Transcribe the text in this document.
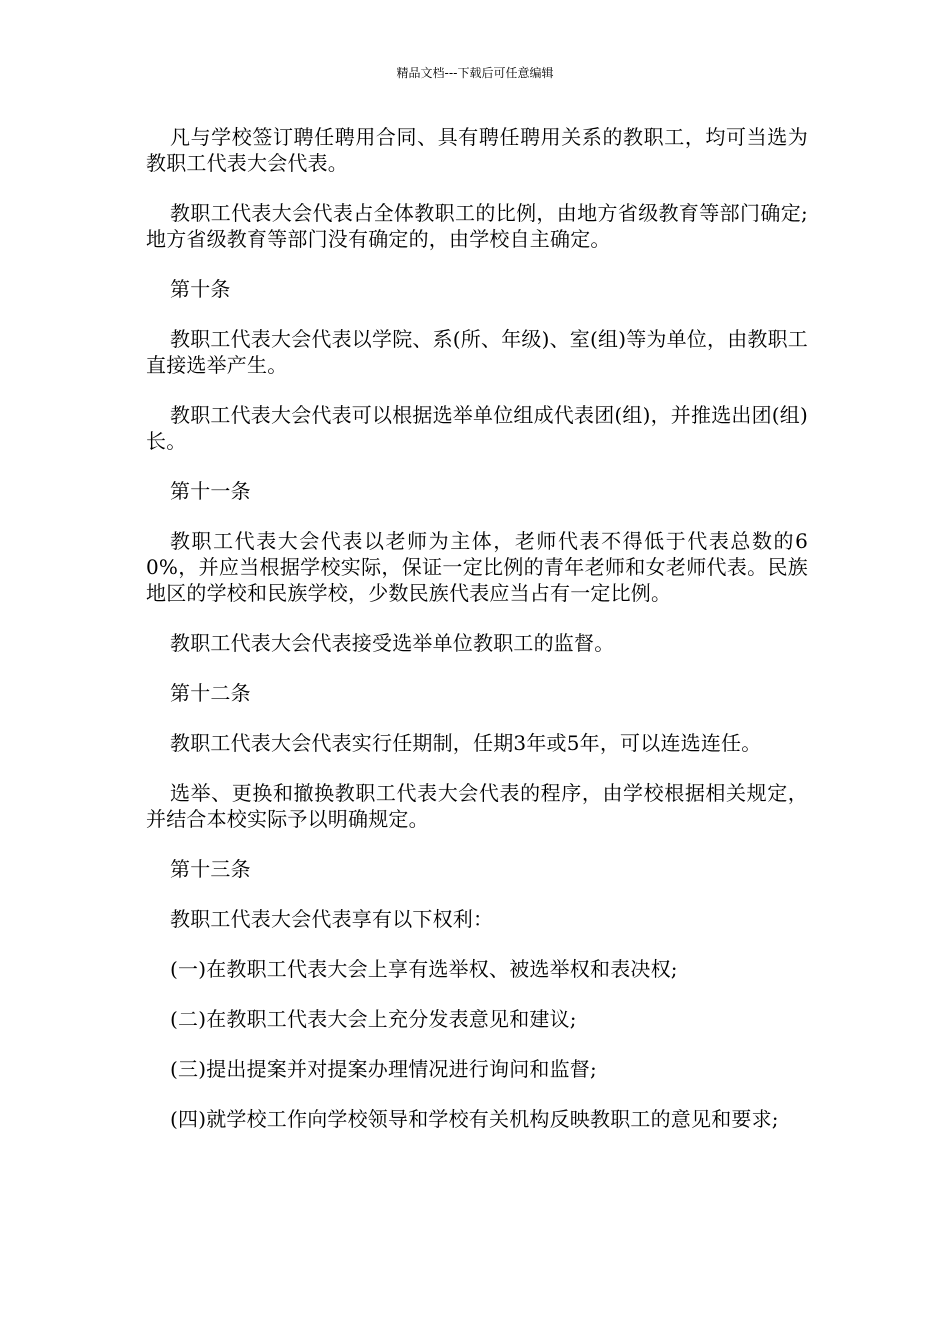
精品文档---下载后可任意编辑

凡与学校签订聘任聘用合同、具有聘任聘用关系的教职工，均可当选为教职工代表大会代表。

教职工代表大会代表占全体教职工的比例，由地方省级教育等部门确定;地方省级教育等部门没有确定的，由学校自主确定。

第十条

教职工代表大会代表以学院、系(所、年级)、室(组)等为单位，由教职工直接选举产生。

教职工代表大会代表可以根据选举单位组成代表团(组)，并推选出团(组)长。

第十一条

教职工代表大会代表以老师为主体，老师代表不得低于代表总数的60%，并应当根据学校实际，保证一定比例的青年老师和女老师代表。民族地区的学校和民族学校，少数民族代表应当占有一定比例。

教职工代表大会代表接受选举单位教职工的监督。

第十二条

教职工代表大会代表实行任期制，任期3年或5年，可以连选连任。

选举、更换和撤换教职工代表大会代表的程序，由学校根据相关规定，并结合本校实际予以明确规定。

第十三条

教职工代表大会代表享有以下权利：

(一)在教职工代表大会上享有选举权、被选举权和表决权;

(二)在教职工代表大会上充分发表意见和建议;

(三)提出提案并对提案办理情况进行询问和监督;

(四)就学校工作向学校领导和学校有关机构反映教职工的意见和要求;
